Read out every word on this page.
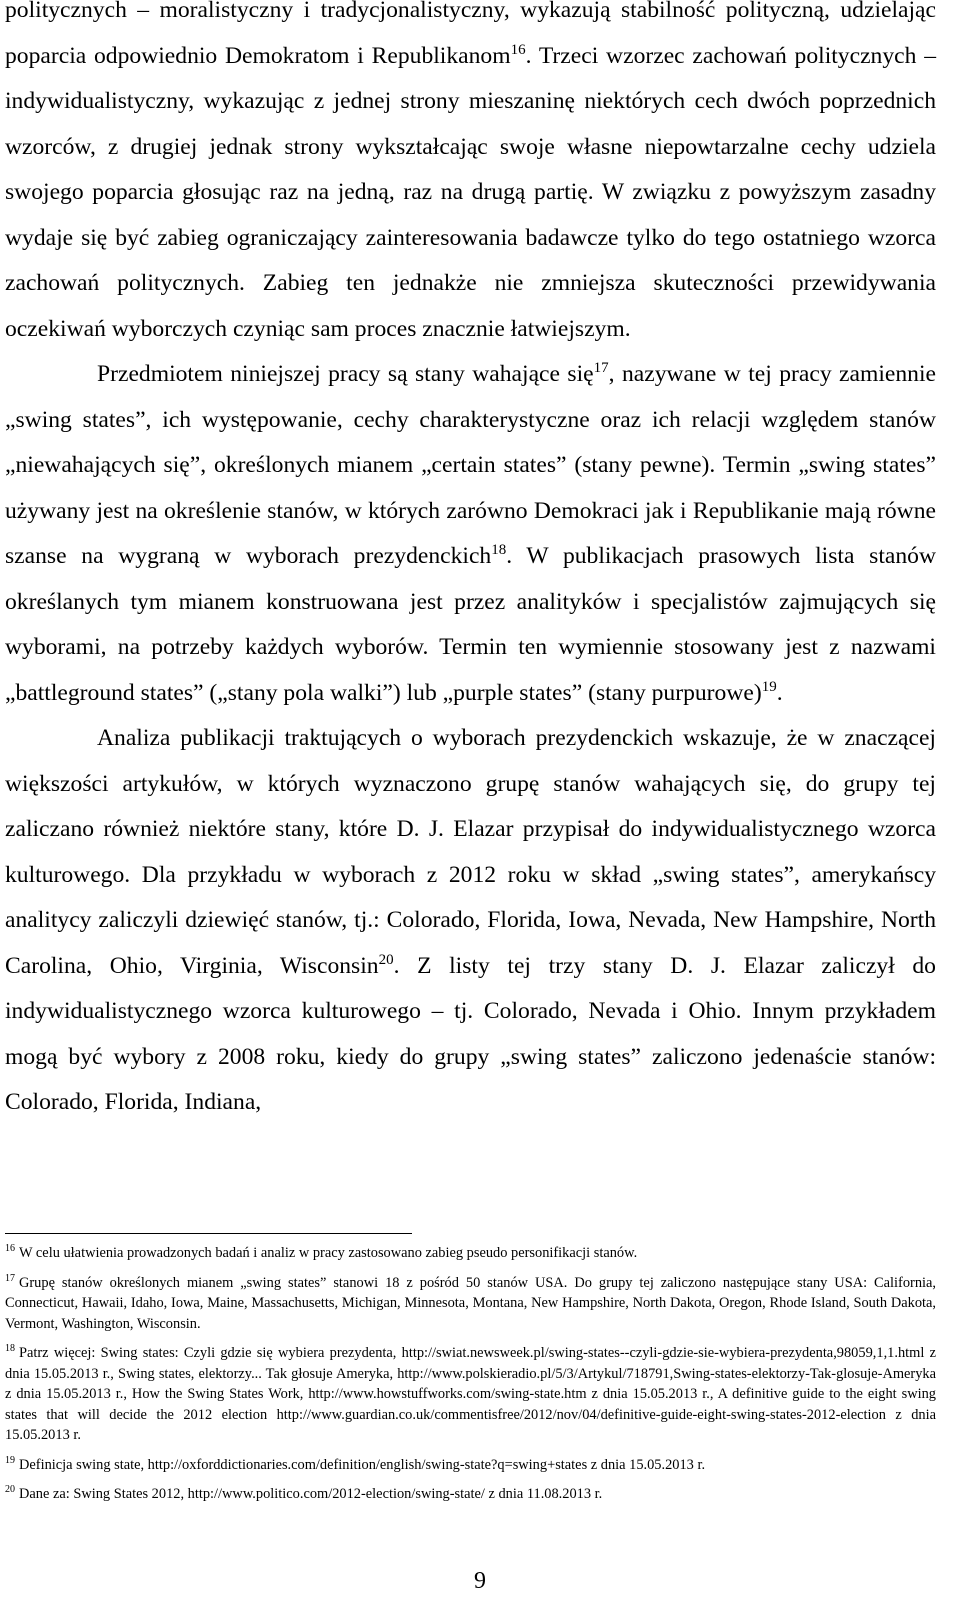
politycznych – moralistyczny i tradycjonalistyczny, wykazują stabilność polityczną, udzielając poparcia odpowiednio Demokratom i Republikanom$^{16}$. Trzeci wzorzec zachowań politycznych – indywidualistyczny, wykazując z jednej strony mieszaninę niektórych cech dwóch poprzednich wzorców, z drugiej jednak strony wykształcając swoje własne niepowtarzalne cechy udziela swojego poparcia głosując raz na jedną, raz na drugą partię. W związku z powyższym zasadny wydaje się być zabieg ograniczający zainteresowania badawcze tylko do tego ostatniego wzorca zachowań politycznych. Zabieg ten jednakże nie zmniejsza skuteczności przewidywania oczekiwań wyborczych czyniąc sam proces znacznie łatwiejszym.

Przedmiotem niniejszej pracy są stany wahające się$^{17}$, nazywane w tej pracy zamiennie „swing states”, ich występowanie, cechy charakterystyczne oraz ich relacji względem stanów „niewahających się”, określonych mianem „certain states” (stany pewne). Termin „swing states” używany jest na określenie stanów, w których zarówno Demokraci jak i Republikanie mają równe szanse na wygraną w wyborach prezydenckich$^{18}$. W publikacjach prasowych lista stanów określanych tym mianem konstruowana jest przez analityków i specjalistów zajmujących się wyborami, na potrzeby każdych wyborów. Termin ten wymiennie stosowany jest z nazwami „battleground states” („stany pola walki”) lub „purple states” (stany purpurowe)$^{19}$.

Analiza publikacji traktujących o wyborach prezydenckich wskazuje, że w znaczącej większości artykułów, w których wyznaczono grupę stanów wahających się, do grupy tej zaliczano również niektóre stany, które D. J. Elazar przypisał do indywidualistycznego wzorca kulturowego. Dla przykładu w wyborach z 2012 roku w skład „swing states”, amerykańscy analitycy zaliczyli dziewięć stanów, tj.: Colorado, Florida, Iowa, Nevada, New Hampshire, North Carolina, Ohio, Virginia, Wisconsin$^{20}$. Z listy tej trzy stany D. J. Elazar zaliczył do indywidualistycznego wzorca kulturowego – tj. Colorado, Nevada i Ohio. Innym przykładem mogą być wybory z 2008 roku, kiedy do grupy „swing states” zaliczono jedenaście stanów: Colorado, Florida, Indiana,

$^{16}$ W celu ułatwienia prowadzonych badań i analiz w pracy zastosowano zabieg pseudo personifikacji stanów.

$^{17}$ Grupę stanów określonych mianem „swing states” stanowi 18 z pośród 50 stanów USA. Do grupy tej zaliczono następujące stany USA: California, Connecticut, Hawaii, Idaho, Iowa, Maine, Massachusetts, Michigan, Minnesota, Montana, New Hampshire, North Dakota, Oregon, Rhode Island, South Dakota, Vermont, Washington, Wisconsin.

$^{18}$ Patrz więcej: Swing states: Czyli gdzie się wybiera prezydenta, http://swiat.newsweek.pl/swing-states--czyli-gdzie-sie-wybiera-prezydenta,98059,1,1.html z dnia 15.05.2013 r., Swing states, elektorzy... Tak głosuje Ameryka, http://www.polskieradio.pl/5/3/Artykul/718791,Swing-states-elektorzy-Tak-glosuje-Ameryka z dnia 15.05.2013 r., How the Swing States Work, http://www.howstuffworks.com/swing-state.htm z dnia 15.05.2013 r., A definitive guide to the eight swing states that will decide the 2012 election http://www.guardian.co.uk/commentisfree/2012/nov/04/definitive-guide-eight-swing-states-2012-election z dnia 15.05.2013 r.

$^{19}$ Definicja swing state, http://oxforddictionaries.com/definition/english/swing-state?q=swing+states z dnia 15.05.2013 r.

$^{20}$ Dane za: Swing States 2012, http://www.politico.com/2012-election/swing-state/ z dnia 11.08.2013 r.

9
